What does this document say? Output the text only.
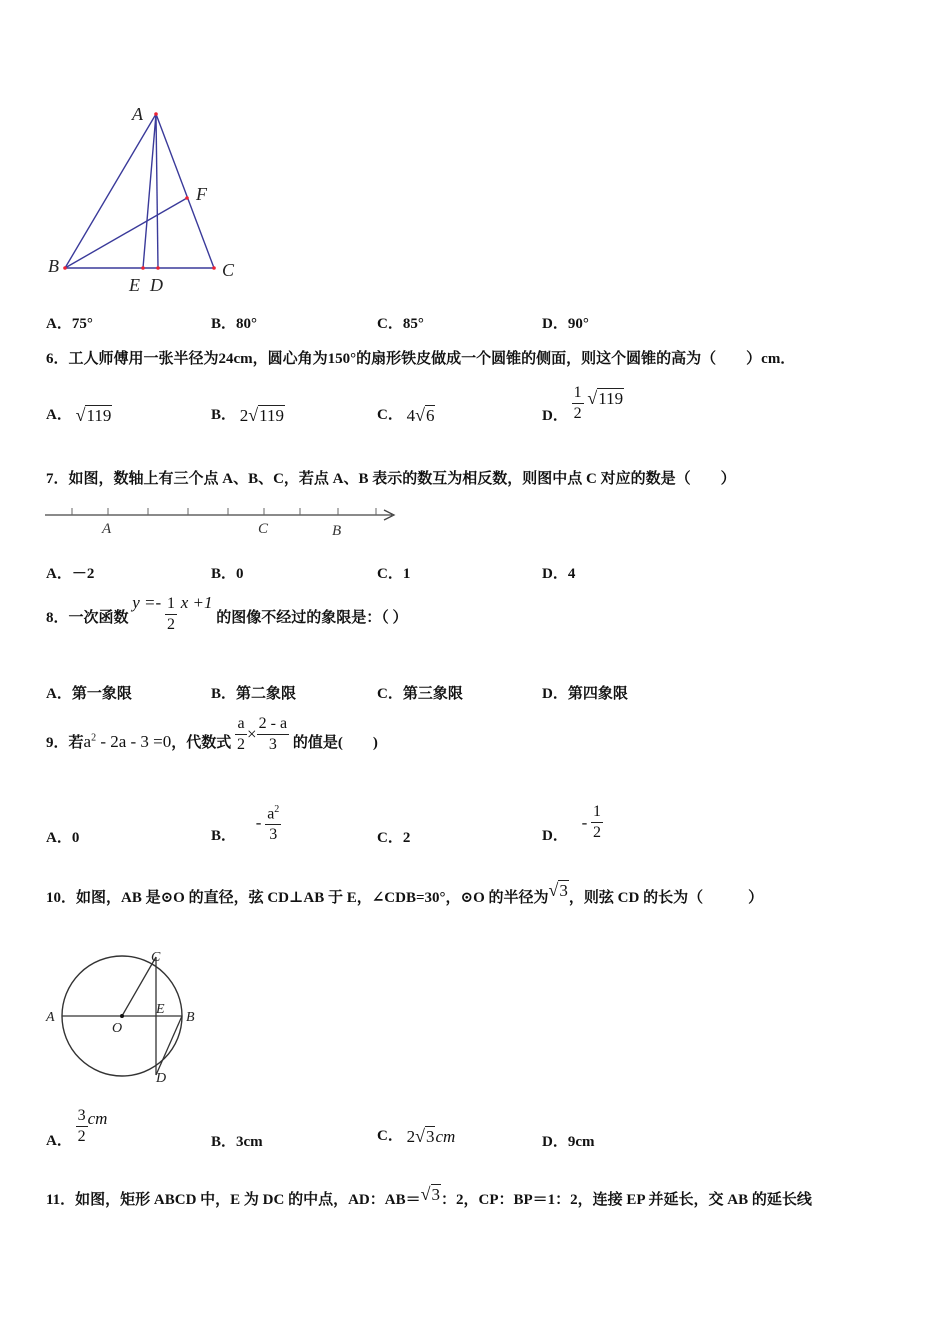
A
B	C
D
E
F
A．75°	B．80°	C．85°	D．90°
6．工人师傅用一张半径为24cm，圆心角为150°的扇形铁皮做成一个圆锥的侧面，则这个圆锥的高为（　　）cm．
A． √119	B． 2√119	C． 4√6	D． $\frac{1}{2} √119$
7．如图，数轴上有三个点 A、B、C，若点 A、B 表示的数互为相反数，则图中点 C 对应的数是（　　）
A	C	B
A．－2	B．0	C．1	D．4
8．一次函数 $y =- \frac{1}{2}$ x +1 的图像不经过的象限是：（ ）
A．第一象限	B．第二象限	C．第三象限	D．第四象限
9．若$a^2 - 2a - 3 =0$，代数式 $\frac{a}{2} \times \frac{2 - a}{3}$ 的值是(　　)
A．0	B． - $\frac{a^2}{3}$	C．2	D． - $\frac{1}{2}$
10．如图，AB 是⊙O 的直径，弦 CD⊥AB 于 E，∠CDB=30°，⊙O 的半径为√3，则弦 CD 的长为（　　　）
A	B
C
E
O
D
A． $\frac{3}{2}$ cm
B．3cm	C． 2√3cm	D．9cm
11．如图，矩形 ABCD 中，E 为 DC 的中点，AD：AB＝√3：2，CP：BP＝1：2，连接 EP 并延长，交 AB 的延长线
